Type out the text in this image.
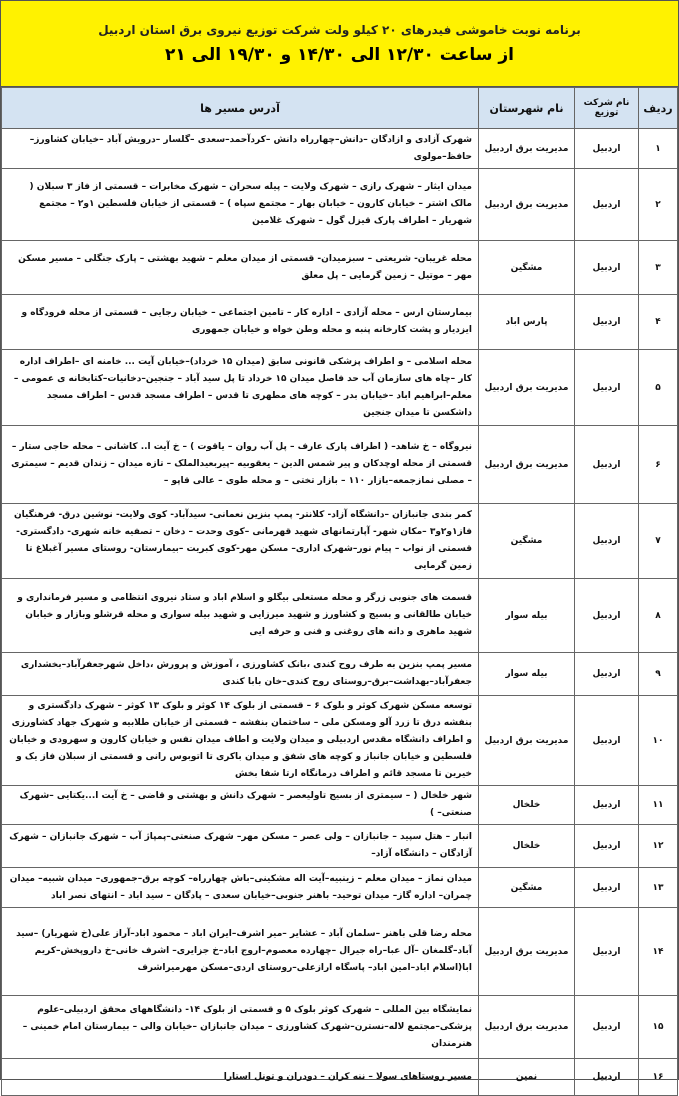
برنامه نوبت خاموشی فیدرهای ۲۰ کیلو ولت شرکت توزیع نیروی برق استان اردبیل
از ساعت ۱۲/۳۰ الی ۱۴/۳۰ و ۱۹/۳۰ الی ۲۱
ردیف	نام شرکت توزیع	نام شهرستان	آدرس مسیر ها
۱	اردبیل	مدیریت برق اردبیل	شهرک آزادی و ازادگان –دانش–چهارراه دانش –کردآحمد–سعدی –گلسار –درویش آباد –خیابان کشاورز–حافظ–مولوی
۲	اردبیل	مدیریت برق اردبیل	میدان ایثار – شهرک رازی – شهرک ولایت – پیله سحران – شهرک مخابرات – قسمتی از فاز ۳ سبلان ( مالک اشتر – خیابان کارون – خیابان بهار – مجتمع سپاه ) – قسمتی از خیابان فلسطین ۱و۲ – مجتمع شهریار – اطراف پارک قیزل گول – شهرک غلامین
۳	اردبیل	مشگین	محله غریبان- شریعتی – سبزمیدان- قسمتی از میدان معلم – شهید بهشتی – پارک جنگلی – مسیر مسکن مهر – موتیل – زمین گرمایی – پل معلق
۴	اردبیل	پارس اباد	بیمارستان ارس – محله آزادی – اداره کار – تامین اجتماعی – خیابان رجایی – قسمتی از محله فرودگاه و ایزدیار و پشت کارخانه پنبه و محله وطن خواه و خیابان جمهوری
۵	اردبیل	مدیریت برق اردبیل	محله اسلامی – و اطراف پزشکی قانونی سابق (میدان ۱۵ خرداد)–خیابان آیت ... خامنه ای –اطراف اداره کار –چاه های سازمان آب حد فاصل میدان ۱۵ خرداد تا پل سید آباد – جنجین–دخانیات–کتابخانه ی عمومی –معلم–ابراهیم اباد –خیابان بدر – کوچه های مطهری تا قدس – اطراف مسجد قدس – اطراف مسجد داشکسن تا میدان جنجین
۶	اردبیل	مدیریت برق اردبیل	نیروگاه – خ شاهد– ( اطراف پارک عارف – پل آب روان – یاقوت ) – خ آیت ا.. کاشانی – محله حاجی ستار – قسمتی از محله اوچدکان و پیر شمس الدین – یعقوبیه –پیربعیدالملک – تازه میدان – زندان قدیم – سیمتری – مصلی نمازجمعه–بازار ۱۱۰ – بازار تختی – و محله طوی – عالی قاپو –
۷	اردبیل	مشگین	کمر بندی جانبازان –دانشگاه آزاد- کلانتر- پمپ بنزین نعمانی- سیدآباد- کوی ولایت- نوشین درق- فرهنگیان فاز۱و۲و۳ –مکان شهر- آپارتمانهای شهید قهرمانی –کوی وحدت – دخان – تصفیه خانه شهری- دادگستری- قسمتی از نواب – پیام نور–شهرک اداری– مسکن مهر-کوی کبریت –بیمارستان- روستای مسیر آغبلاغ تا زمین گرمایی
۸	اردبیل	بیله سوار	قسمت های جنوبی زرگر و محله مستعلی بیگلو و اسلام اباد و ستاد نیروی انتظامی و مسیر فرمانداری و خیابان طالقانی و بسیج و کشاورز و شهید میرزایی و شهید بیله سواری و محله قرشلو وبازار و خیابان شهید ماهری و دانه های روغنی و فنی و حرفه ایی
۹	اردبیل	بیله سوار	مسیر پمپ بنزین به طرف روح کندی ،بانک کشاورزی ، آموزش و پرورش ،داخل شهرجعفرآباد–بخشداری جعفرآباد–بهداشت–برق–روستای روح کندی–خان بابا کندی
۱۰	اردبیل	مدیریت برق اردبیل	توسعه مسکن شهرک کوثر و بلوک ۶ – قسمتی از بلوک ۱۴ کوثر و بلوک ۱۳ کوثر – شهرک دادگستری و بنفشه درق تا زرد آلو ومسکن ملی – ساختمان بنفشه – قسمتی از خیابان طلابیه و شهرک جهاد کشاورزی و اطراف دانشگاه مقدس اردبیلی و میدان ولایت و اطاف میدان نفس و خیابان کارون و سهرودی و خیابان فلسطین و خیابان جانباز و کوچه های شفق و میدان باکری تا اتوبوس رانی و قسمتی از سبلان فاز یک و خیرین تا مسجد قائم و اطراف درمانگاه ارتا شفا بخش
۱۱	اردبیل	خلخال	شهر خلخال ( – سیمتری از بسیج تاولیعصر – شهرک دانش و بهشتی و قاضی – خ آیت ا...یکتایی –شهرک صنعتی– )
۱۲	اردبیل	خلخال	انبار – هتل سپید – جانبازان – ولی عصر – مسکن مهر– شهرک صنعتی–پمپاژ آب – شهرک جانبازان – شهرک آزادگان – دانشگاه آزاد–
۱۳	اردبیل	مشگین	میدان نماز – میدان معلم – زینبیه–آیت اله مشکینی–باش چهارراه– کوچه برق–جمهوری– میدان شبیه– میدان چمران– اداره گاز– میدان توحید– باهنر جنوبی–خیابان سعدی – پادگان – سید اباد – انتهای نصر اباد
۱۴	اردبیل	مدیریت برق اردبیل	محله رضا قلی باهنر –سلمان آباد – عشایر –میر اشرف–ایران اباد – محمود اباد–آراز علی(خ شهریار) –سید آباد–گلمغان –آل عبا–راه جیرال –چهارده معصوم–اروج اباد–خ جزایری– اشرف خانی–خ داروپخش–کریم ابا(اسلام اباد–امین اباد– پاسگاه ارازعلی–روستای اردی–مسکن مهرمیراشرف
۱۵	اردبیل	مدیریت برق اردبیل	نمایشگاه بین المللی – شهرک کوثر بلوک ۵ و قسمتی از بلوک ۱۴- دانشگاههای محقق اردبیلی–علوم پزشکی–مجتمع لاله–نسترن–شهرک کشاورزی – میدان جانبازان –خیابان والی – بیمارستان امام خمینی – هنرمندان
۱۶	اردبیل	نمین	مسیر روستاهای سولا – ننه کران – دودران و تونل استارا
